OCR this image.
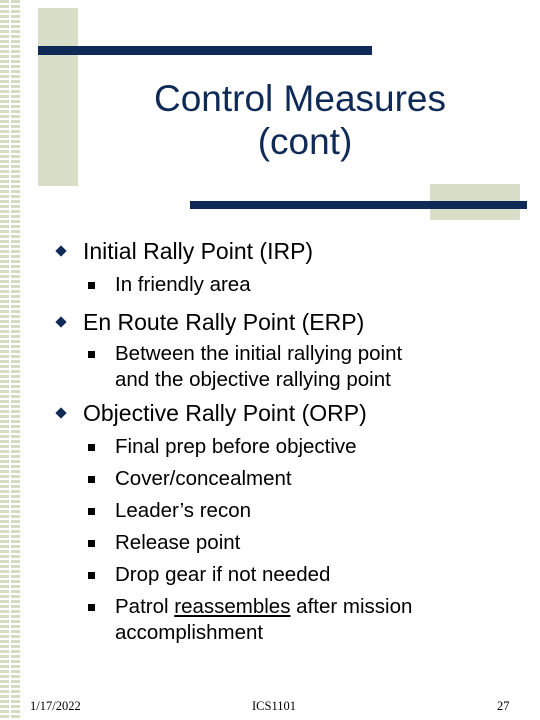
Control Measures
(cont)
Initial Rally Point (IRP)
In friendly area
En Route Rally Point (ERP)
Between the initial rallying point
and the objective rallying point
Objective Rally Point (ORP)
Final prep before objective
Cover/concealment
Leader’s recon
Release point
Drop gear if not needed
Patrol reassembles after mission
accomplishment
1/17/2022	ICS1101	27
